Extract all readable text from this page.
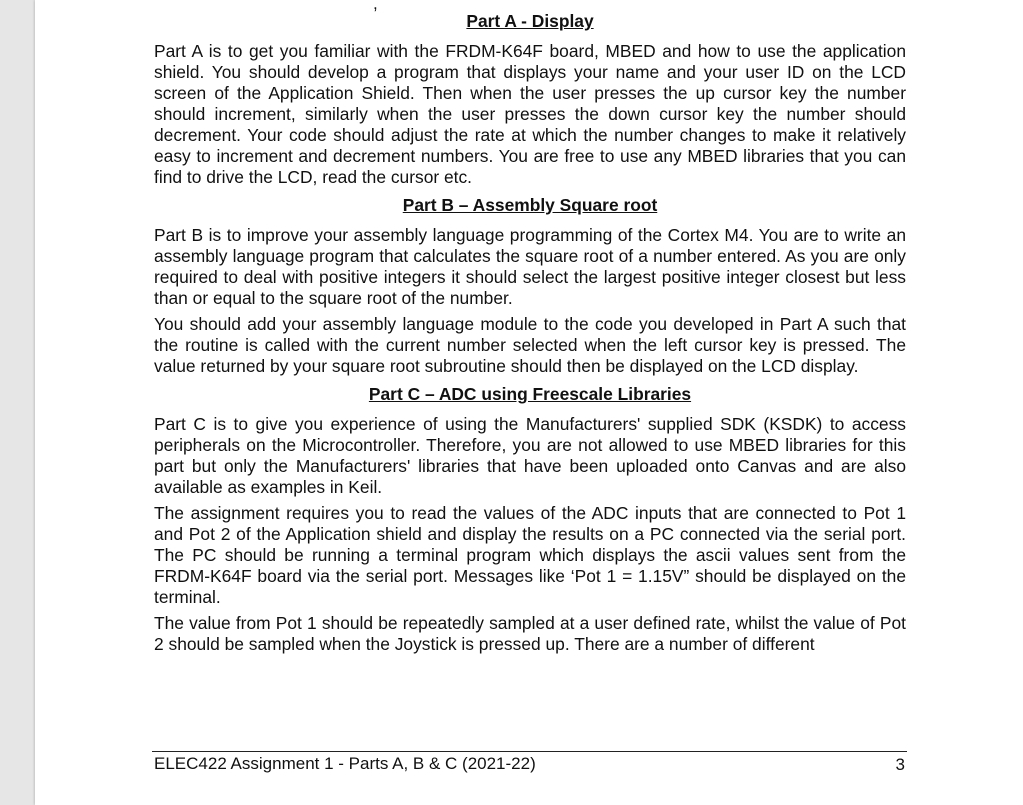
,
Part A - Display

Part A is to get you familiar with the FRDM-K64F board, MBED and how to use the application shield. You should develop a program that displays your name and your user ID on the LCD screen of the Application Shield. Then when the user presses the up cursor key the number should increment, similarly when the user presses the down cursor key the number should decrement. Your code should adjust the rate at which the number changes to make it relatively easy to increment and decrement numbers. You are free to use any MBED libraries that you can find to drive the LCD, read the cursor etc.

Part B – Assembly Square root

Part B is to improve your assembly language programming of the Cortex M4. You are to write an assembly language program that calculates the square root of a number entered. As you are only required to deal with positive integers it should select the largest positive integer closest but less than or equal to the square root of the number.

You should add your assembly language module to the code you developed in Part A such that the routine is called with the current number selected when the left cursor key is pressed. The value returned by your square root subroutine should then be displayed on the LCD display.

Part C – ADC using Freescale Libraries

Part C is to give you experience of using the Manufacturers' supplied SDK (KSDK) to access peripherals on the Microcontroller. Therefore, you are not allowed to use MBED libraries for this part but only the Manufacturers' libraries that have been uploaded onto Canvas and are also available as examples in Keil.

The assignment requires you to read the values of the ADC inputs that are connected to Pot 1 and Pot 2 of the Application shield and display the results on a PC connected via the serial port. The PC should be running a terminal program which displays the ascii values sent from the FRDM-K64F board via the serial port. Messages like ‘Pot 1 = 1.15V” should be displayed on the terminal.

The value from Pot 1 should be repeatedly sampled at a user defined rate, whilst the value of Pot 2 should be sampled when the Joystick is pressed up. There are a number of different

ELEC422 Assignment 1 - Parts A, B & C (2021-22)	3
